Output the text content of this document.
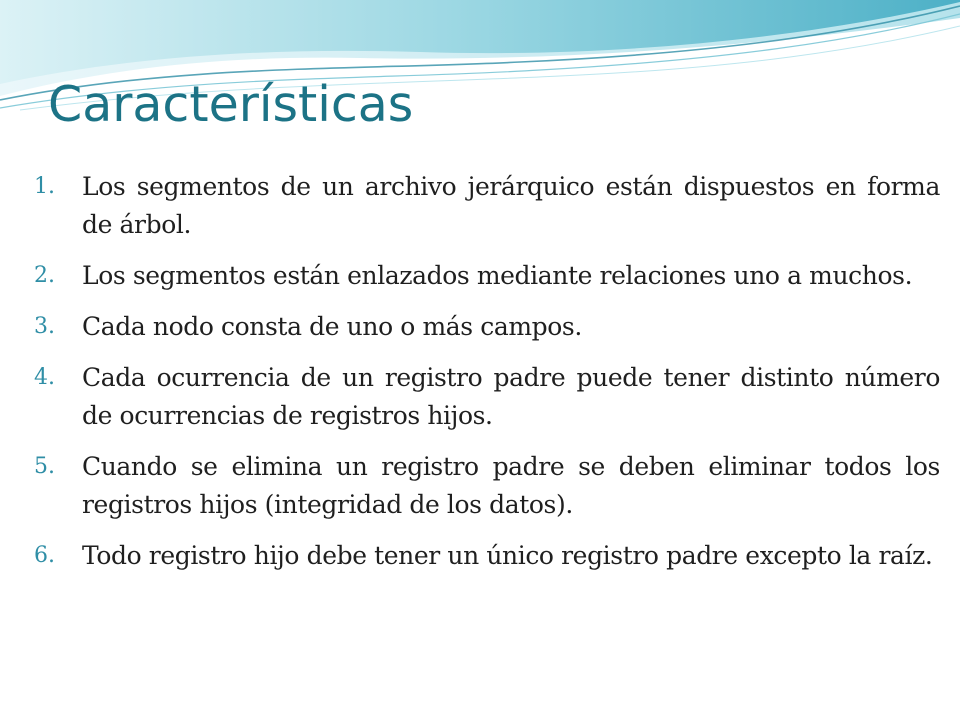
Características
1.	Los segmentos de un archivo jerárquico están dispuestos en forma de árbol.
2.	Los segmentos están enlazados mediante relaciones uno a muchos.
3.	Cada nodo consta de uno o más campos.
4.	Cada ocurrencia de un registro padre puede tener distinto número de ocurrencias de registros hijos.
5.	Cuando se elimina un registro padre se deben eliminar todos los registros hijos (integridad de los datos).
6.	Todo registro hijo debe tener un único registro padre excepto la raíz.
